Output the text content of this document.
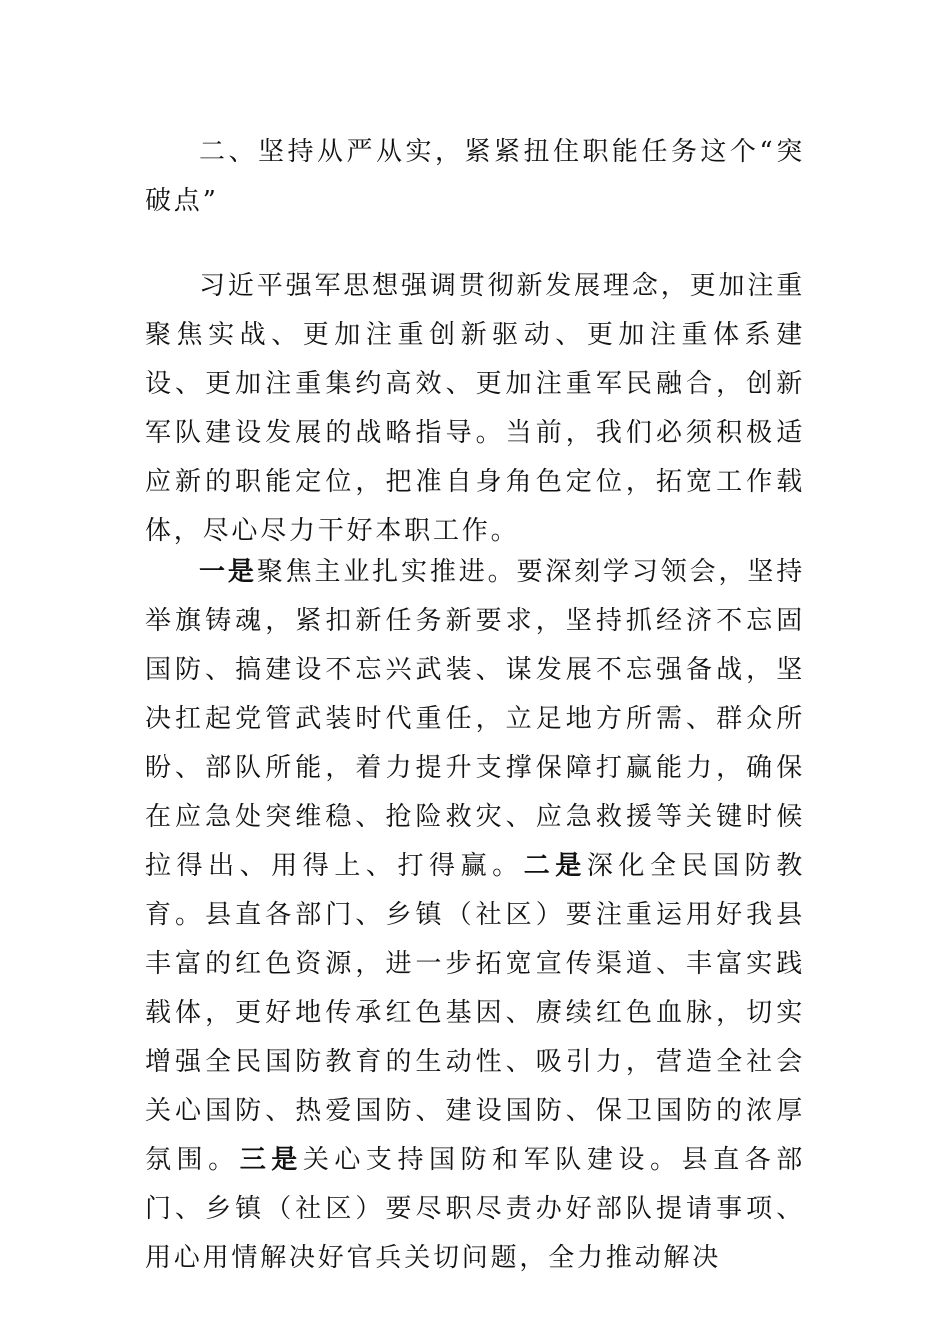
二、坚持从严从实，紧紧扭住职能任务这个“突破点”
习近平强军思想强调贯彻新发展理念，更加注重聚焦实战、更加注重创新驱动、更加注重体系建设、更加注重集约高效、更加注重军民融合，创新军队建设发展的战略指导。当前，我们必须积极适应新的职能定位，把准自身角色定位，拓宽工作载体，尽心尽力干好本职工作。
一是聚焦主业扎实推进。要深刻学习领会，坚持举旗铸魂，紧扣新任务新要求，坚持抓经济不忘固国防、搞建设不忘兴武装、谋发展不忘强备战，坚决扛起党管武装时代重任，立足地方所需、群众所盼、部队所能，着力提升支撑保障打赢能力，确保在应急处突维稳、抢险救灾、应急救援等关键时候拉得出、用得上、打得赢。二是深化全民国防教育。县直各部门、乡镇（社区）要注重运用好我县丰富的红色资源，进一步拓宽宣传渠道、丰富实践载体，更好地传承红色基因、赓续红色血脉，切实增强全民国防教育的生动性、吸引力，营造全社会关心国防、热爱国防、建设国防、保卫国防的浓厚氛围。三是关心支持国防和军队建设。县直各部门、乡镇（社区）要尽职尽责办好部队提请事项、用心用情解决好官兵关切问题，全力推动解决
